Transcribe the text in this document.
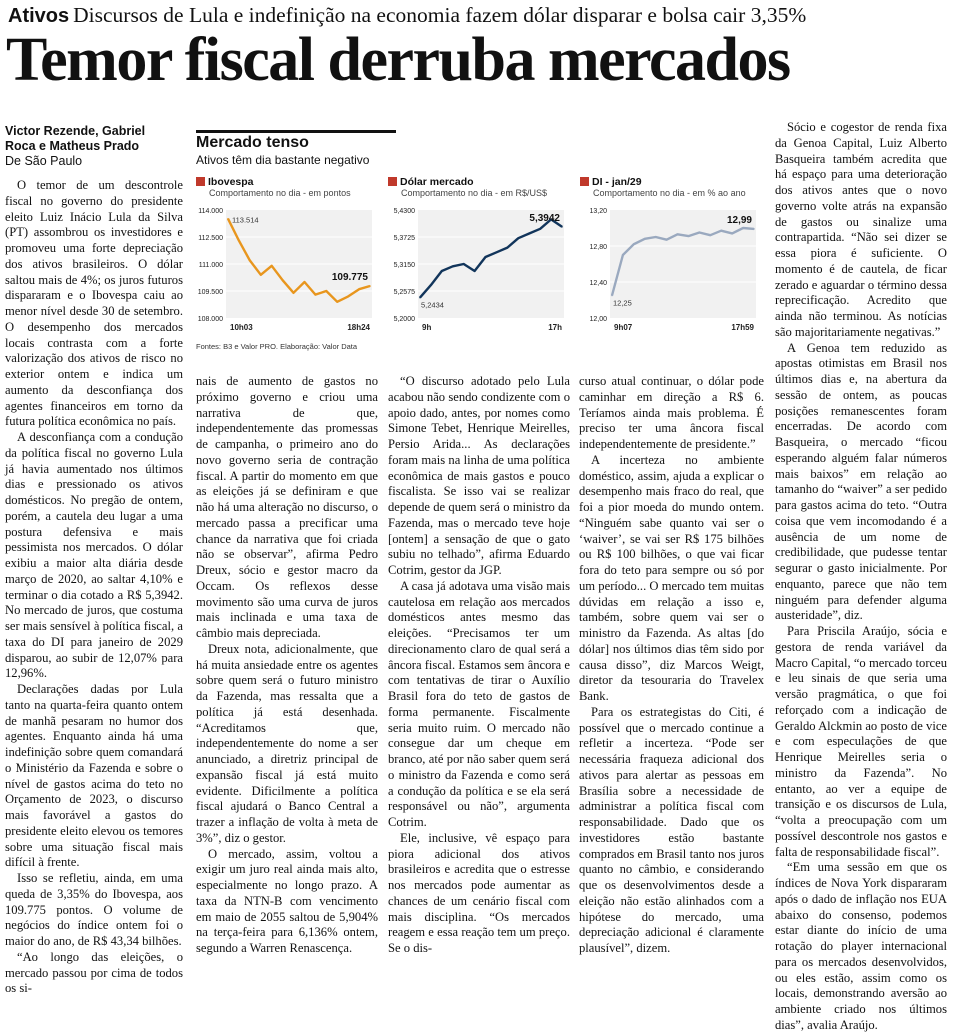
Ativos Discursos de Lula e indefinição na economia fazem dólar disparar e bolsa cair 3,35%
Temor fiscal derruba mercados
Victor Rezende, Gabriel Roca e Matheus Prado
De São Paulo

O temor de um descontrole fiscal no governo do presidente eleito Luiz Inácio Lula da Silva (PT) assombrou os investidores e promoveu uma forte depreciação dos ativos brasileiros. O dólar saltou mais de 4%; os juros futuros dispararam e o Ibovespa caiu ao menor nível desde 30 de setembro. O desempenho dos mercados locais contrasta com a forte valorização dos ativos de risco no exterior ontem e indica um aumento da desconfiança dos agentes financeiros em torno da futura política econômica no país.

A desconfiança com a condução da política fiscal no governo Lula já havia aumentado nos últimos dias e pressionado os ativos domésticos. No pregão de ontem, porém, a cautela deu lugar a uma postura defensiva e mais pessimista nos mercados. O dólar exibiu a maior alta diária desde março de 2020, ao saltar 4,10% e terminar o dia cotado a R$ 5,3942. No mercado de juros, que costuma ser mais sensível à política fiscal, a taxa do DI para janeiro de 2029 disparou, ao subir de 12,07% para 12,96%.

Declarações dadas por Lula tanto na quarta-feira quanto ontem de manhã pesaram no humor dos agentes. Enquanto ainda há uma indefinição sobre quem comandará o Ministério da Fazenda e sobre o nível de gastos acima do teto no Orçamento de 2023, o discurso mais favorável a gastos do presidente eleito elevou os temores sobre uma situação fiscal mais difícil à frente.

Isso se refletiu, ainda, em uma queda de 3,35% do Ibovespa, aos 109.775 pontos. O volume de negócios do índice ontem foi o maior do ano, de R$ 43,34 bilhões.

“Ao longo das eleições, o mercado passou por cima de todos os si-

Mercado tenso
Ativos têm dia bastante negativo
Ibovespa
Comportamento no dia - em pontos
114.000
112.500
111.000
109.500
108.000
10h03	18h24
109.775
113.514
Dólar mercado
Comportamento no dia - em R$/US$
5,4300
5,3725
5,3150
5,2575
5,2000
9h	17h
5,3942
5,2434
DI - jan/29
Comportamento no dia - em % ao ano
13,20
12,80
12,40
12,00
9h07	17h59
12,99
12,25
Fontes: B3 e Valor PRO. Elaboração: Valor Data

nais de aumento de gastos no próximo governo e criou uma narrativa de que, independentemente das promessas de campanha, o primeiro ano do novo governo seria de contração fiscal. A partir do momento em que as eleições já se definiram e que não há uma alteração no discurso, o mercado passa a precificar uma chance da narrativa que foi criada não se observar”, afirma Pedro Dreux, sócio e gestor macro da Occam. Os reflexos desse movimento são uma curva de juros mais inclinada e uma taxa de câmbio mais depreciada.

Dreux nota, adicionalmente, que há muita ansiedade entre os agentes sobre quem será o futuro ministro da Fazenda, mas ressalta que a política já está desenhada. “Acreditamos que, independentemente do nome a ser anunciado, a diretriz principal de expansão fiscal já está muito evidente. Dificilmente a política fiscal ajudará o Banco Central a trazer a inflação de volta à meta de 3%”, diz o gestor.

O mercado, assim, voltou a exigir um juro real ainda mais alto, especialmente no longo prazo. A taxa da NTN-B com vencimento em maio de 2055 saltou de 5,904% na terça-feira para 6,136% ontem, segundo a Warren Renascença.

“O discurso adotado pelo Lula acabou não sendo condizente com o apoio dado, antes, por nomes como Simone Tebet, Henrique Meirelles, Persio Arida... As declarações foram mais na linha de uma política econômica de mais gastos e pouco fiscalista. Se isso vai se realizar depende de quem será o ministro da Fazenda, mas o mercado teve hoje [ontem] a sensação de que o gato subiu no telhado”, afirma Eduardo Cotrim, gestor da JGP.

A casa já adotava uma visão mais cautelosa em relação aos mercados domésticos antes mesmo das eleições. “Precisamos ter um direcionamento claro de qual será a âncora fiscal. Estamos sem âncora e com tentativas de tirar o Auxílio Brasil fora do teto de gastos de forma permanente. Fiscalmente seria muito ruim. O mercado não consegue dar um cheque em branco, até por não saber quem será o ministro da Fazenda e como será a condução da política e se ela será responsável ou não”, argumenta Cotrim.

Ele, inclusive, vê espaço para piora adicional dos ativos brasileiros e acredita que o estresse nos mercados pode aumentar as chances de um cenário fiscal com mais disciplina. “Os mercados reagem e essa reação tem um preço. Se o dis-

curso atual continuar, o dólar pode caminhar em direção a R$ 6. Teríamos ainda mais problema. É preciso ter uma âncora fiscal independentemente de presidente.”

A incerteza no ambiente doméstico, assim, ajuda a explicar o desempenho mais fraco do real, que foi a pior moeda do mundo ontem. “Ninguém sabe quanto vai ser o ‘waiver’, se vai ser R$ 175 bilhões ou R$ 100 bilhões, o que vai ficar fora do teto para sempre ou só por um período... O mercado tem muitas dúvidas em relação a isso e, também, sobre quem vai ser o ministro da Fazenda. As altas [do dólar] nos últimos dias têm sido por causa disso”, diz Marcos Weigt, diretor da tesouraria do Travelex Bank.

Para os estrategistas do Citi, é possível que o mercado continue a refletir a incerteza. “Pode ser necessária fraqueza adicional dos ativos para alertar as pessoas em Brasília sobre a necessidade de administrar a política fiscal com responsabilidade. Dado que os investidores estão bastante comprados em Brasil tanto nos juros quanto no câmbio, e considerando que os desenvolvimentos desde a eleição não estão alinhados com a hipótese do mercado, uma depreciação adicional é claramente plausível”, dizem.

Sócio e cogestor de renda fixa da Genoa Capital, Luiz Alberto Basqueira também acredita que há espaço para uma deterioração dos ativos antes que o novo governo volte atrás na expansão de gastos ou sinalize uma contrapartida. “Não sei dizer se essa piora é suficiente. O momento é de cautela, de ficar zerado e aguardar o término dessa reprecificação. Acredito que ainda não terminou. As notícias são majoritariamente negativas.”

A Genoa tem reduzido as apostas otimistas em Brasil nos últimos dias e, na abertura da sessão de ontem, as poucas posições remanescentes foram encerradas. De acordo com Basqueira, o mercado “ficou esperando alguém falar números mais baixos” em relação ao tamanho do “waiver” a ser pedido para gastos acima do teto. “Outra coisa que vem incomodando é a ausência de um nome de credibilidade, que pudesse tentar segurar o gasto inicialmente. Por enquanto, parece que não tem ninguém para defender alguma austeridade”, diz.

Para Priscila Araújo, sócia e gestora de renda variável da Macro Capital, “o mercado torceu e leu sinais de que seria uma versão pragmática, o que foi reforçado com a indicação de Geraldo Alckmin ao posto de vice e com especulações de que Henrique Meirelles seria o ministro da Fazenda”. No entanto, ao ver a equipe de transição e os discursos de Lula, “volta a preocupação com um possível descontrole nos gastos e falta de responsabilidade fiscal”.

“Em uma sessão em que os índices de Nova York dispararam após o dado de inflação nos EUA abaixo do consenso, podemos estar diante do início de uma rotação do player internacional para os mercados desenvolvidos, ou eles estão, assim como os locais, demonstrando aversão ao ambiente criado nos últimos dias”, avalia Araújo.
